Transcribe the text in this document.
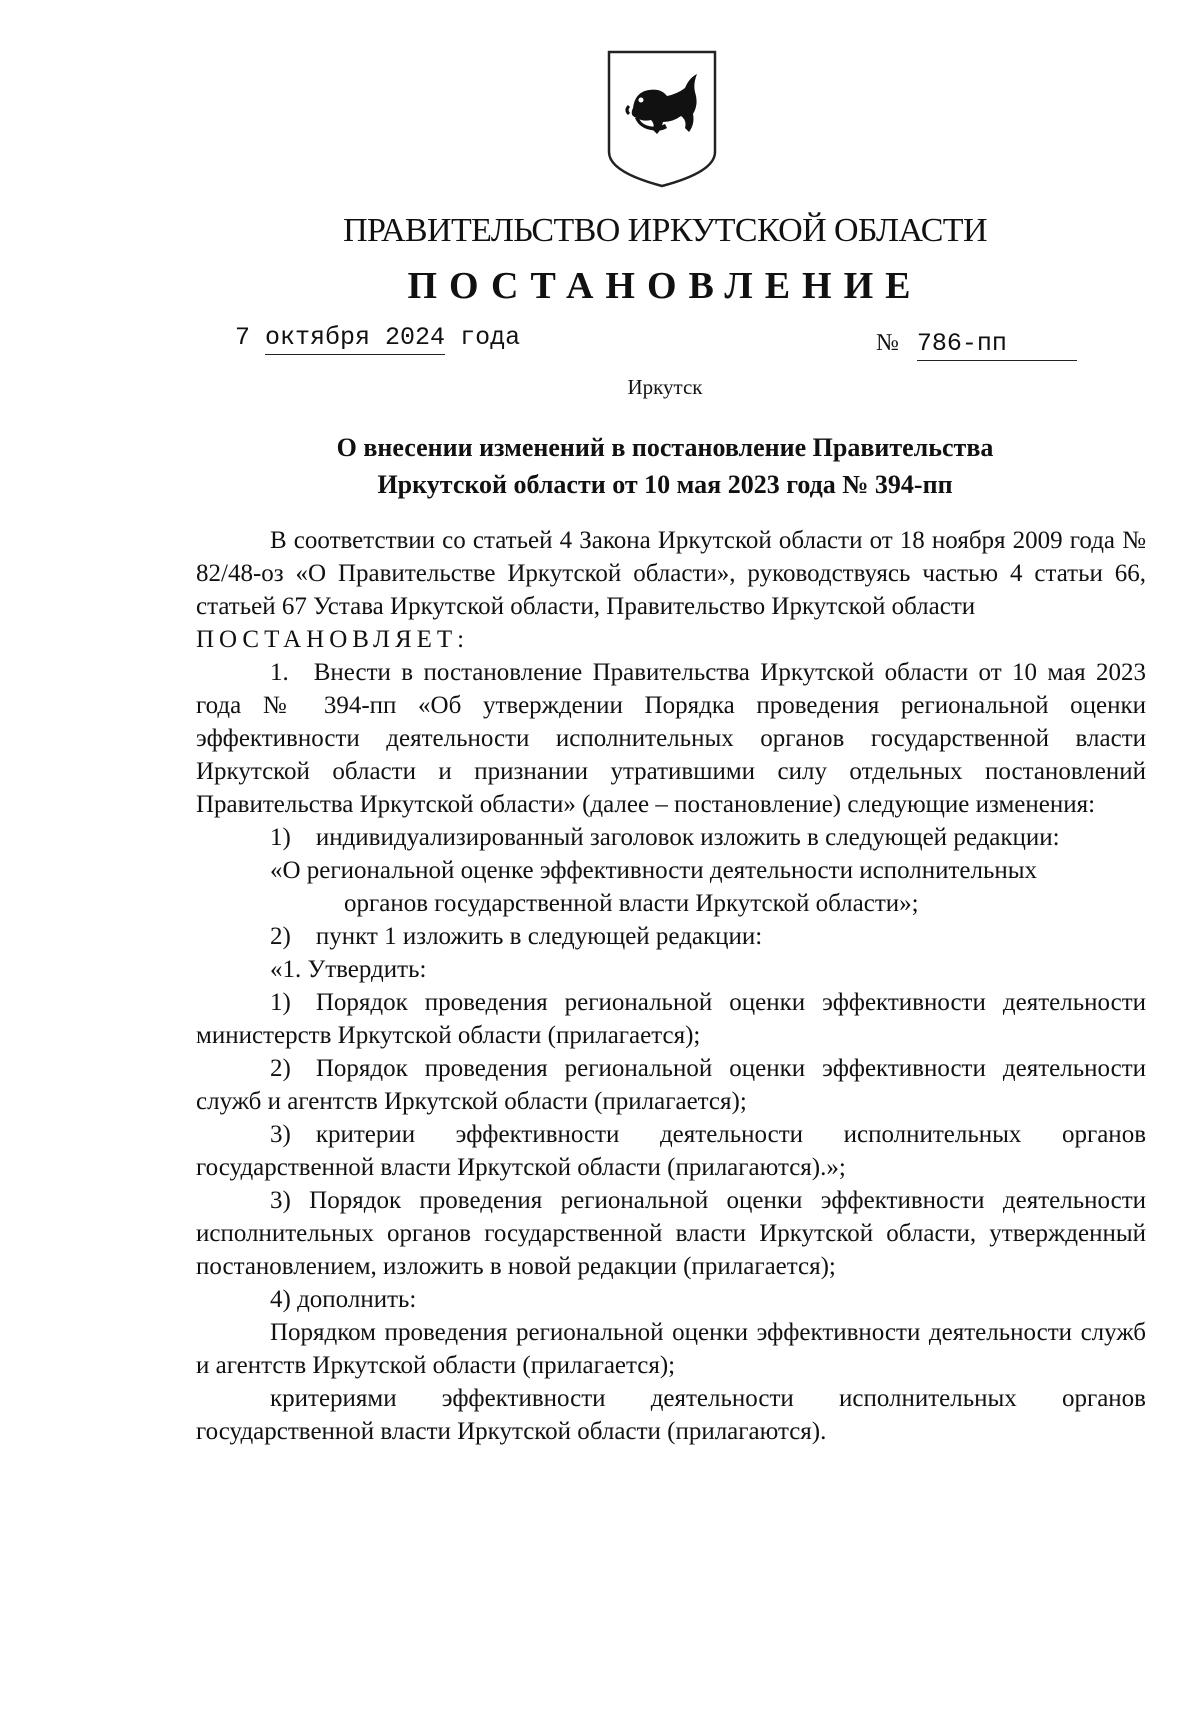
ПРАВИТЕЛЬСТВО ИРКУТСКОЙ ОБЛАСТИ
ПОСТАНОВЛЕНИЕ
7 октября 2024 года	№ 786-пп
Иркутск
О внесении изменений в постановление Правительства
Иркутской области от 10 мая 2023 года № 394-пп

В соответствии со статьей 4 Закона Иркутской области от 18 ноября 2009 года № 82/48-оз «О Правительстве Иркутской области», руководствуясь частью 4 статьи 66, статьей 67 Устава Иркутской области, Правительство Иркутской области

ПОСТАНОВЛЯЕТ:

1. Внести в постановление Правительства Иркутской области от 10 мая 2023 года № 394-пп «Об утверждении Порядка проведения региональной оценки эффективности деятельности исполнительных органов государственной власти Иркутской области и признании утратившими силу отдельных постановлений Правительства Иркутской области» (далее – постановление) следующие изменения:

1) индивидуализированный заголовок изложить в следующей редакции:

«О региональной оценке эффективности деятельности исполнительных

органов государственной власти Иркутской области»;

2) пункт 1 изложить в следующей редакции:

«1. Утвердить:

1) Порядок проведения региональной оценки эффективности деятельности министерств Иркутской области (прилагается);

2) Порядок проведения региональной оценки эффективности деятельности служб и агентств Иркутской области (прилагается);

3) критерии эффективности деятельности исполнительных органов государственной власти Иркутской области (прилагаются).»;

3) Порядок проведения региональной оценки эффективности деятельности исполнительных органов государственной власти Иркутской области, утвержденный постановлением, изложить в новой редакции (прилагается);

4) дополнить:

Порядком проведения региональной оценки эффективности деятельности служб и агентств Иркутской области (прилагается);

критериями эффективности деятельности исполнительных органов государственной власти Иркутской области (прилагаются).
